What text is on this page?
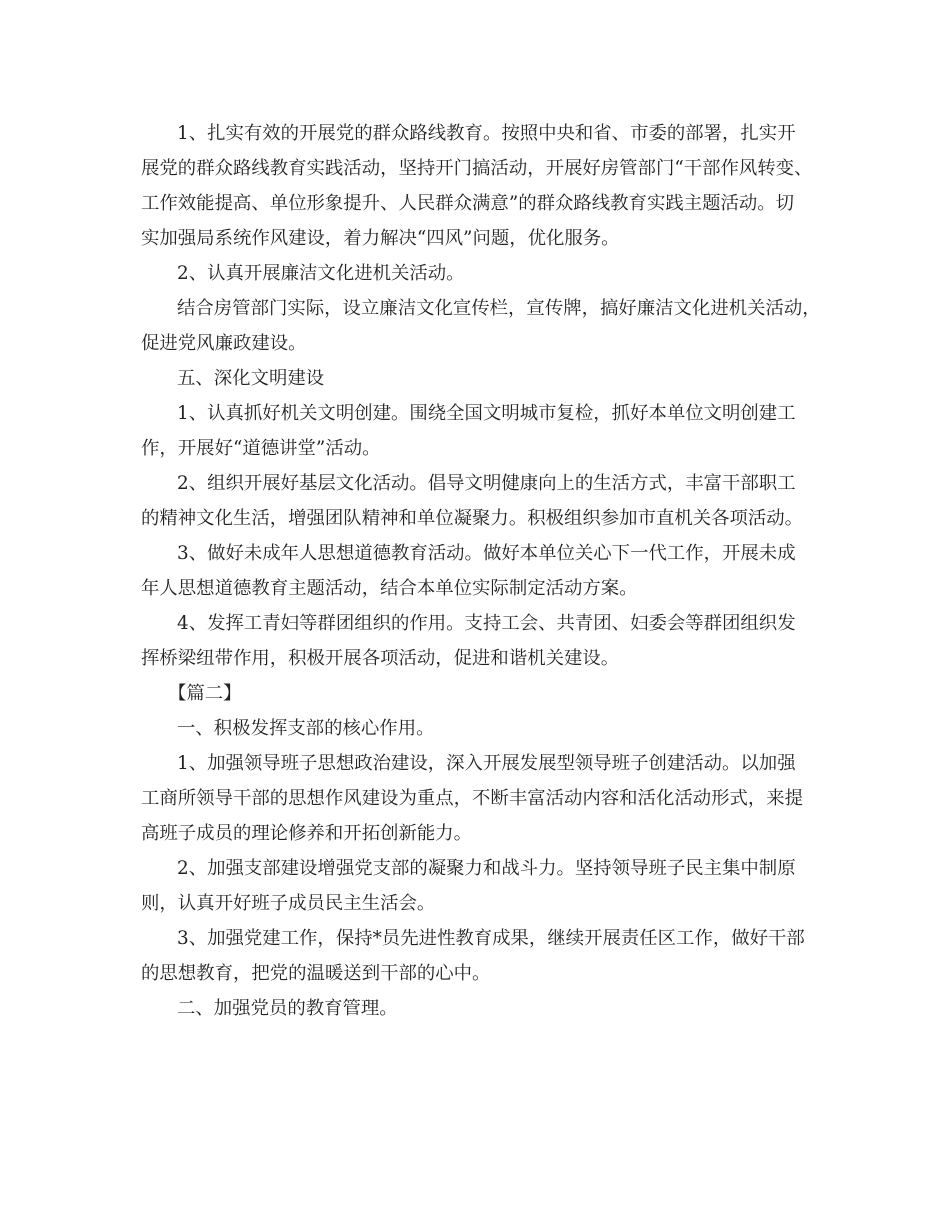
1、扎实有效的开展党的群众路线教育。按照中央和省、市委的部署，扎实开
展党的群众路线教育实践活动，坚持开门搞活动，开展好房管部门“干部作风转变、
工作效能提高、单位形象提升、人民群众满意”的群众路线教育实践主题活动。切
实加强局系统作风建设，着力解决“四风”问题，优化服务。
2、认真开展廉洁文化进机关活动。
结合房管部门实际，设立廉洁文化宣传栏，宣传牌，搞好廉洁文化进机关活动，
促进党风廉政建设。
五、深化文明建设
1、认真抓好机关文明创建。围绕全国文明城市复检，抓好本单位文明创建工
作，开展好“道德讲堂”活动。
2、组织开展好基层文化活动。倡导文明健康向上的生活方式，丰富干部职工
的精神文化生活，增强团队精神和单位凝聚力。积极组织参加市直机关各项活动。
3、做好未成年人思想道德教育活动。做好本单位关心下一代工作，开展未成
年人思想道德教育主题活动，结合本单位实际制定活动方案。
4、发挥工青妇等群团组织的作用。支持工会、共青团、妇委会等群团组织发
挥桥梁纽带作用，积极开展各项活动，促进和谐机关建设。
【篇二】
一、积极发挥支部的核心作用。
1、加强领导班子思想政治建设，深入开展发展型领导班子创建活动。以加强
工商所领导干部的思想作风建设为重点，不断丰富活动内容和活化活动形式，来提
高班子成员的理论修养和开拓创新能力。
2、加强支部建设增强党支部的凝聚力和战斗力。坚持领导班子民主集中制原
则，认真开好班子成员民主生活会。
3、加强党建工作，保持*员先进性教育成果，继续开展责任区工作，做好干部
的思想教育，把党的温暖送到干部的心中。
二、加强党员的教育管理。
